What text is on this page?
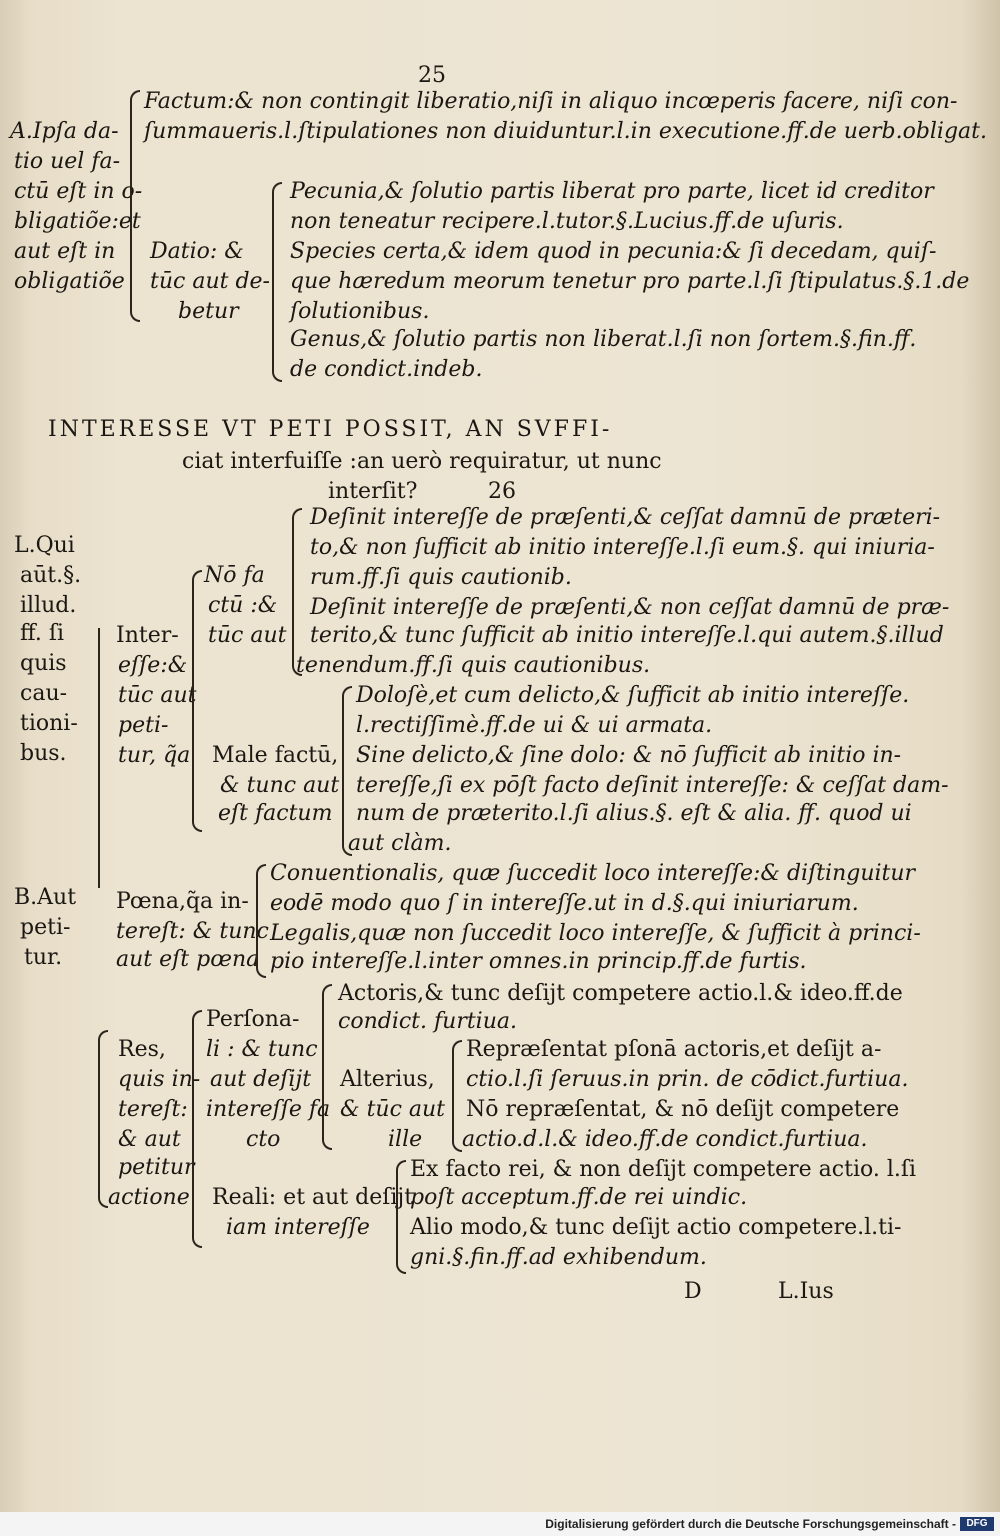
25
A.Ipſa da-
tio uel fa-
ctū eſt in o-
bligatiõe:et
aut eſt in
obligatiõe
Factum:& non contingit liberatio,niſi in aliquo incœperis facere, niſi con-
ſummaueris.l.ſtipulationes non diuiduntur.l.in executione.ff.de uerb.obligat.
Datio: &
tūc aut de-
betur
Pecunia,& ſolutio partis liberat pro parte, licet id creditor
non teneatur recipere.l.tutor.§.Lucius.ff.de uſuris.
Species certa,& idem quod in pecunia:& ſi decedam, quiſ-
que hæredum meorum tenetur pro parte.l.ſi ſtipulatus.§.1.de
ſolutionibus.
Genus,& ſolutio partis non liberat.l.ſi non ſortem.§.fin.ff.
de condict.indeb.
INTERESSE VT PETI POSSIT, AN SVFFI-
ciat interfuiſſe :an uerò requiratur, ut nunc
interſit?	26
L.Qui
aūt.§.
illud.
ff. ſi
quis
cau-
tioni-
bus.
B.Aut
peti-
tur.
Inter-
eſſe:&
tūc aut
peti-
tur, q̃a
Nō fa
ctū :&
tūc aut
Deſinit intereſſe de præſenti,& ceſſat damnū de præteri-
to,& non ſufficit ab initio intereſſe.l.ſi eum.§. qui iniuria-
rum.ff.ſi quis cautionib.
Deſinit intereſſe de præſenti,& non ceſſat damnū de præ-
terito,& tunc ſufficit ab initio intereſſe.l.qui autem.§.illud
tenendum.ff.ſi quis cautionibus.
Male factū,
& tunc aut
eſt factum
Doloſè,et cum delicto,& ſufficit ab initio intereſſe.
l.rectiſſimè.ff.de ui & ui armata.
Sine delicto,& ſine dolo: & nō ſufficit ab initio in-
tereſſe,ſi ex pōſt facto deſinit intereſſe: & ceſſat dam-
num de præterito.l.ſi alius.§. eſt & alia. ff. quod ui
aut clàm.
Pœna,q̃a in-
tereſt: & tunc
aut eſt pœna
Conuentionalis, quæ ſuccedit loco intereſſe:& diſtinguitur
eodē modo quo ſ in intereſſe.ut in d.§.qui iniuriarum.
Legalis,quæ non ſuccedit loco intereſſe, & ſufficit à princi-
pio intereſſe.l.inter omnes.in princip.ff.de furtis.
Res,
quis in-
tereſt:
& aut
petitur
actione
Perſona-
li : & tunc
aut deſijt
intereſſe fa
cto
Actoris,& tunc deſijt competere actio.l.& ideo.ff.de
condict. furtiua.
Alterius,
& tūc aut
ille
Repræſentat pſonā actoris,et deſijt a-
ctio.l.ſi ſeruus.in prin. de cōdict.furtiua.
Nō repræſentat, & nō deſijt competere
actio.d.l.& ideo.ff.de condict.furtiua.
Reali: et aut deſijt
iam intereſſe
Ex facto rei, & non deſijt competere actio. l.ſi
poſt acceptum.ff.de rei uindic.
Alio modo,& tunc deſijt actio competere.l.ti-
gni.§.fin.ff.ad exhibendum.
D	L.Ius
Digitalisierung gefördert durch die Deutsche Forschungsgemeinschaft -	DFG
